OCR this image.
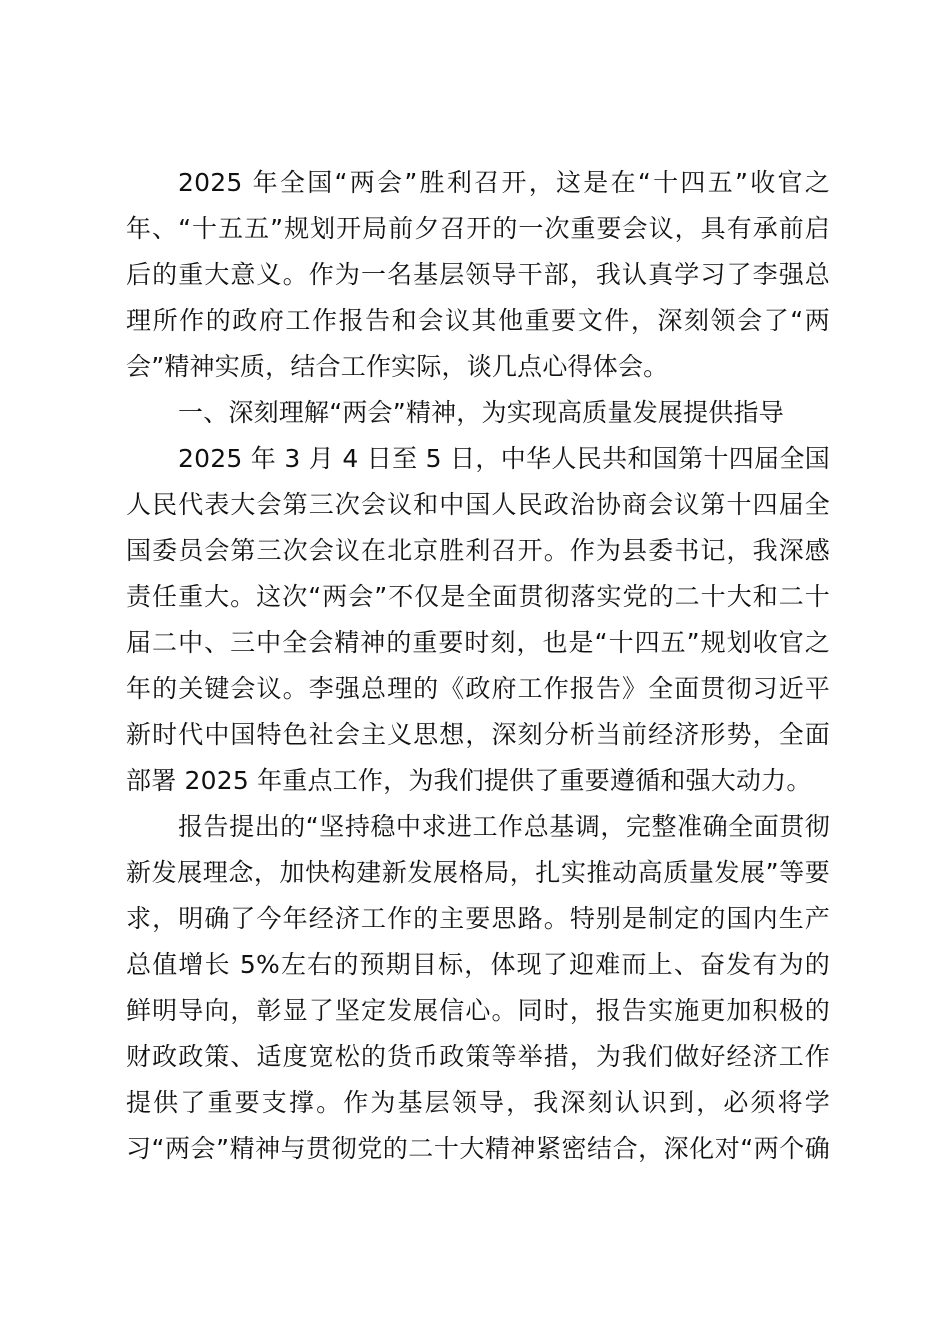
2025 年全国“两会”胜利召开，这是在“十四五”收官之
年、“十五五”规划开局前夕召开的一次重要会议，具有承前启
后的重大意义。作为一名基层领导干部，我认真学习了李强总
理所作的政府工作报告和会议其他重要文件，深刻领会了“两
会”精神实质，结合工作实际，谈几点心得体会。
一、深刻理解“两会”精神，为实现高质量发展提供指导
2025 年 3 月 4 日至 5 日，中华人民共和国第十四届全国
人民代表大会第三次会议和中国人民政治协商会议第十四届全
国委员会第三次会议在北京胜利召开。作为县委书记，我深感
责任重大。这次“两会”不仅是全面贯彻落实党的二十大和二十
届二中、三中全会精神的重要时刻，也是“十四五”规划收官之
年的关键会议。李强总理的《政府工作报告》全面贯彻习近平
新时代中国特色社会主义思想，深刻分析当前经济形势，全面
部署 2025 年重点工作，为我们提供了重要遵循和强大动力。
报告提出的“坚持稳中求进工作总基调，完整准确全面贯彻
新发展理念，加快构建新发展格局，扎实推动高质量发展”等要
求，明确了今年经济工作的主要思路。特别是制定的国内生产
总值增长 5%左右的预期目标，体现了迎难而上、奋发有为的
鲜明导向，彰显了坚定发展信心。同时，报告实施更加积极的
财政政策、适度宽松的货币政策等举措，为我们做好经济工作
提供了重要支撑。作为基层领导，我深刻认识到，必须将学
习“两会”精神与贯彻党的二十大精神紧密结合，深化对“两个确
